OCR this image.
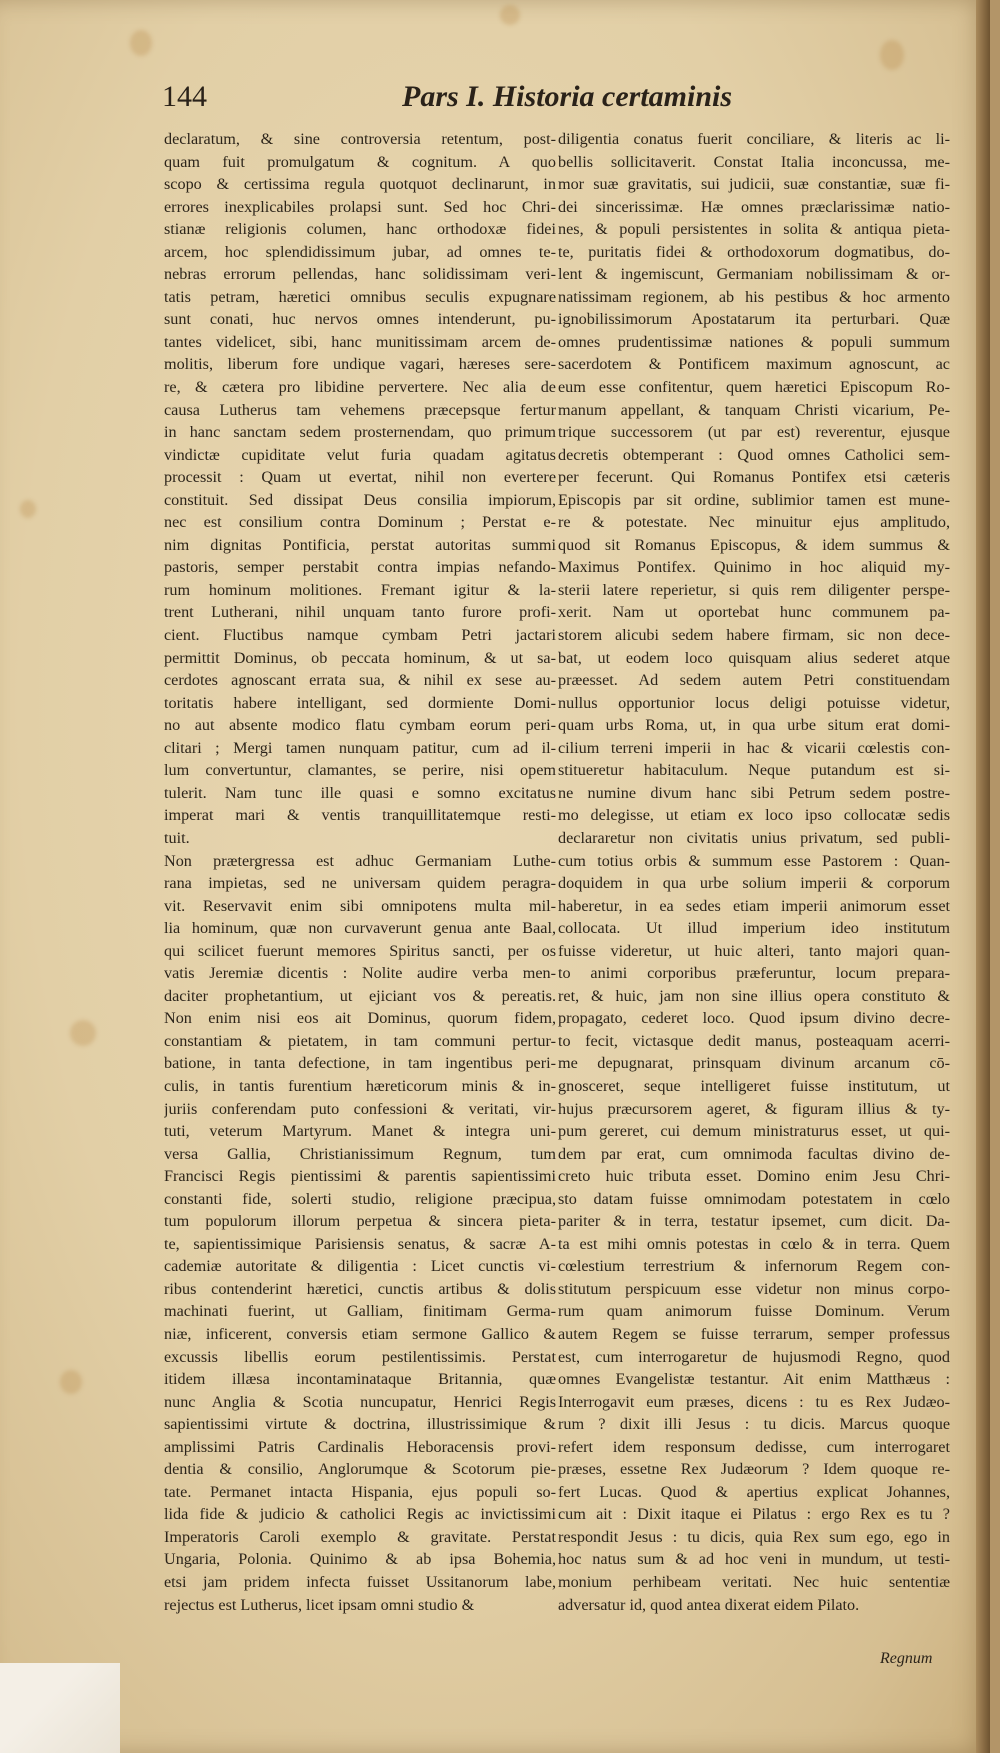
144	Pars I. Historia certaminis
declaratum, & sine controversia retentum, post-
quam fuit promulgatum & cognitum. A quo
scopo & certissima regula quotquot declinarunt, in
errores inexplicabiles prolapsi sunt. Sed hoc Chri-
stianæ religionis columen, hanc orthodoxæ fidei
arcem, hoc splendidissimum jubar, ad omnes te-
nebras errorum pellendas, hanc solidissimam veri-
tatis petram, hæretici omnibus seculis expugnare
sunt conati, huc nervos omnes intenderunt, pu-
tantes videlicet, sibi, hanc munitissimam arcem de-
molitis, liberum fore undique vagari, hæreses sere-
re, & cætera pro libidine pervertere. Nec alia de
causa Lutherus tam vehemens præcepsque fertur
in hanc sanctam sedem prosternendam, quo primum
vindictæ cupiditate velut furia quadam agitatus
processit : Quam ut evertat, nihil non evertere
constituit. Sed dissipat Deus consilia impiorum,
nec est consilium contra Dominum ; Perstat e-
nim dignitas Pontificia, perstat autoritas summi
pastoris, semper perstabit contra impias nefando-
rum hominum molitiones. Fremant igitur & la-
trent Lutherani, nihil unquam tanto furore profi-
cient. Fluctibus namque cymbam Petri jactari
permittit Dominus, ob peccata hominum, & ut sa-
cerdotes agnoscant errata sua, & nihil ex sese au-
toritatis habere intelligant, sed dormiente Domi-
no aut absente modico flatu cymbam eorum peri-
clitari ; Mergi tamen nunquam patitur, cum ad il-
lum convertuntur, clamantes, se perire, nisi opem
tulerit. Nam tunc ille quasi e somno excitatus
imperat mari & ventis tranquillitatemque resti-
tuit.
Non prætergressa est adhuc Germaniam Luthe-
rana impietas, sed ne universam quidem peragra-
vit. Reservavit enim sibi omnipotens multa mil-
lia hominum, quæ non curvaverunt genua ante Baal,
qui scilicet fuerunt memores Spiritus sancti, per os
vatis Jeremiæ dicentis : Nolite audire verba men-
daciter prophetantium, ut ejiciant vos & pereatis.
Non enim nisi eos ait Dominus, quorum fidem,
constantiam & pietatem, in tam communi pertur-
batione, in tanta defectione, in tam ingentibus peri-
culis, in tantis furentium hæreticorum minis & in-
juriis conferendam puto confessioni & veritati, vir-
tuti, veterum Martyrum. Manet & integra uni-
versa Gallia, Christianissimum Regnum, tum
Francisci Regis pientissimi & parentis sapientissimi
constanti fide, solerti studio, religione præcipua,
tum populorum illorum perpetua & sincera pieta-
te, sapientissimique Parisiensis senatus, & sacræ A-
cademiæ autoritate & diligentia : Licet cunctis vi-
ribus contenderint hæretici, cunctis artibus & dolis
machinati fuerint, ut Galliam, finitimam Germa-
niæ, inficerent, conversis etiam sermone Gallico &
excussis libellis eorum pestilentissimis. Perstat
itidem illæsa incontaminataque Britannia, quæ
nunc Anglia & Scotia nuncupatur, Henrici Regis
sapientissimi virtute & doctrina, illustrissimique &
amplissimi Patris Cardinalis Heboracensis provi-
dentia & consilio, Anglorumque & Scotorum pie-
tate. Permanet intacta Hispania, ejus populi so-
lida fide & judicio & catholici Regis ac invictissimi
Imperatoris Caroli exemplo & gravitate. Perstat
Ungaria, Polonia. Quinimo & ab ipsa Bohemia,
etsi jam pridem infecta fuisset Ussitanorum labe,
rejectus est Lutherus, licet ipsam omni studio &
diligentia conatus fuerit conciliare, & literis ac li-
bellis sollicitaverit. Constat Italia inconcussa, me-
mor suæ gravitatis, sui judicii, suæ constantiæ, suæ fi-
dei sincerissimæ. Hæ omnes præclarissimæ natio-
nes, & populi persistentes in solita & antiqua pieta-
te, puritatis fidei & orthodoxorum dogmatibus, do-
lent & ingemiscunt, Germaniam nobilissimam & or-
natissimam regionem, ab his pestibus & hoc armento
ignobilissimorum Apostatarum ita perturbari. Quæ
omnes prudentissimæ nationes & populi summum
sacerdotem & Pontificem maximum agnoscunt, ac
eum esse confitentur, quem hæretici Episcopum Ro-
manum appellant, & tanquam Christi vicarium, Pe-
trique successorem (ut par est) reverentur, ejusque
decretis obtemperant : Quod omnes Catholici sem-
per fecerunt. Qui Romanus Pontifex etsi cæteris
Episcopis par sit ordine, sublimior tamen est mune-
re & potestate. Nec minuitur ejus amplitudo,
quod sit Romanus Episcopus, & idem summus &
Maximus Pontifex. Quinimo in hoc aliquid my-
sterii latere reperietur, si quis rem diligenter perspe-
xerit. Nam ut oportebat hunc communem pa-
storem alicubi sedem habere firmam, sic non dece-
bat, ut eodem loco quisquam alius sederet atque
præesset. Ad sedem autem Petri constituendam
nullus opportunior locus deligi potuisse videtur,
quam urbs Roma, ut, in qua urbe situm erat domi-
cilium terreni imperii in hac & vicarii cœlestis con-
stitueretur habitaculum. Neque putandum est si-
ne numine divum hanc sibi Petrum sedem postre-
mo delegisse, ut etiam ex loco ipso collocatæ sedis
declararetur non civitatis unius privatum, sed publi-
cum totius orbis & summum esse Pastorem : Quan-
doquidem in qua urbe solium imperii & corporum
haberetur, in ea sedes etiam imperii animorum esset
collocata. Ut illud imperium ideo institutum
fuisse videretur, ut huic alteri, tanto majori quan-
to animi corporibus præferuntur, locum prepara-
ret, & huic, jam non sine illius opera constituto &
propagato, cederet loco. Quod ipsum divino decre-
to fecit, victasque dedit manus, posteaquam acerri-
me depugnarat, prinsquam divinum arcanum cō-
gnosceret, seque intelligeret fuisse institutum, ut
hujus præcursorem ageret, & figuram illius & ty-
pum gereret, cui demum ministraturus esset, ut qui-
dem par erat, cum omnimoda facultas divino de-
creto huic tributa esset. Domino enim Jesu Chri-
sto datam fuisse omnimodam potestatem in cœlo
pariter & in terra, testatur ipsemet, cum dicit. Da-
ta est mihi omnis potestas in cœlo & in terra. Quem
cœlestium terrestrium & infernorum Regem con-
stitutum perspicuum esse videtur non minus corpo-
rum quam animorum fuisse Dominum. Verum
autem Regem se fuisse terrarum, semper professus
est, cum interrogaretur de hujusmodi Regno, quod
omnes Evangelistæ testantur. Ait enim Matthæus :
Interrogavit eum præses, dicens : tu es Rex Judæo-
rum ? dixit illi Jesus : tu dicis. Marcus quoque
refert idem responsum dedisse, cum interrogaret
præses, essetne Rex Judæorum ? Idem quoque re-
fert Lucas. Quod & apertius explicat Johannes,
cum ait : Dixit itaque ei Pilatus : ergo Rex es tu ?
respondit Jesus : tu dicis, quia Rex sum ego, ego in
hoc natus sum & ad hoc veni in mundum, ut testi-
monium perhibeam veritati. Nec huic sententiæ
adversatur id, quod antea dixerat eidem Pilato.
Regnum
